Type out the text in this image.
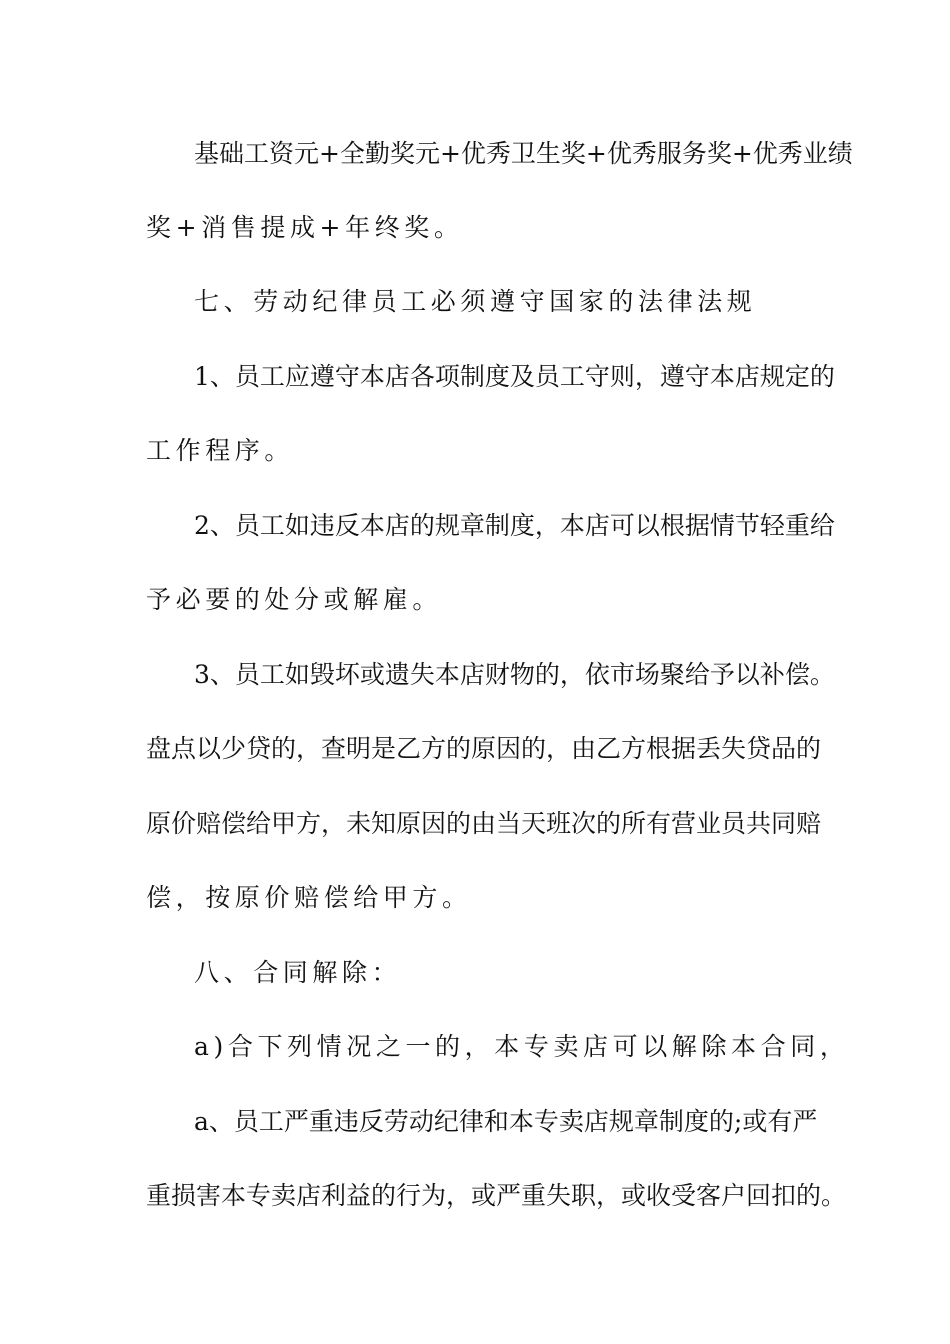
基础工资元+全勤奖元+优秀卫生奖+优秀服务奖+优秀业绩
奖+消售提成+年终奖。
七、劳动纪律员工必须遵守国家的法律法规
1、员工应遵守本店各项制度及员工守则，遵守本店规定的
工作程序。
2、员工如违反本店的规章制度，本店可以根据情节轻重给
予必要的处分或解雇。
3、员工如毁坏或遗失本店财物的，依市场聚给予以补偿。
盘点以少贷的，查明是乙方的原因的，由乙方根据丢失贷品的
原价赔偿给甲方，未知原因的由当天班次的所有营业员共同赔
偿，按原价赔偿给甲方。
八、合同解除：
a)合下列情况之一的，本专卖店可以解除本合同，
a、员工严重违反劳动纪律和本专卖店规章制度的;或有严
重损害本专卖店利益的行为，或严重失职，或收受客户回扣的。
